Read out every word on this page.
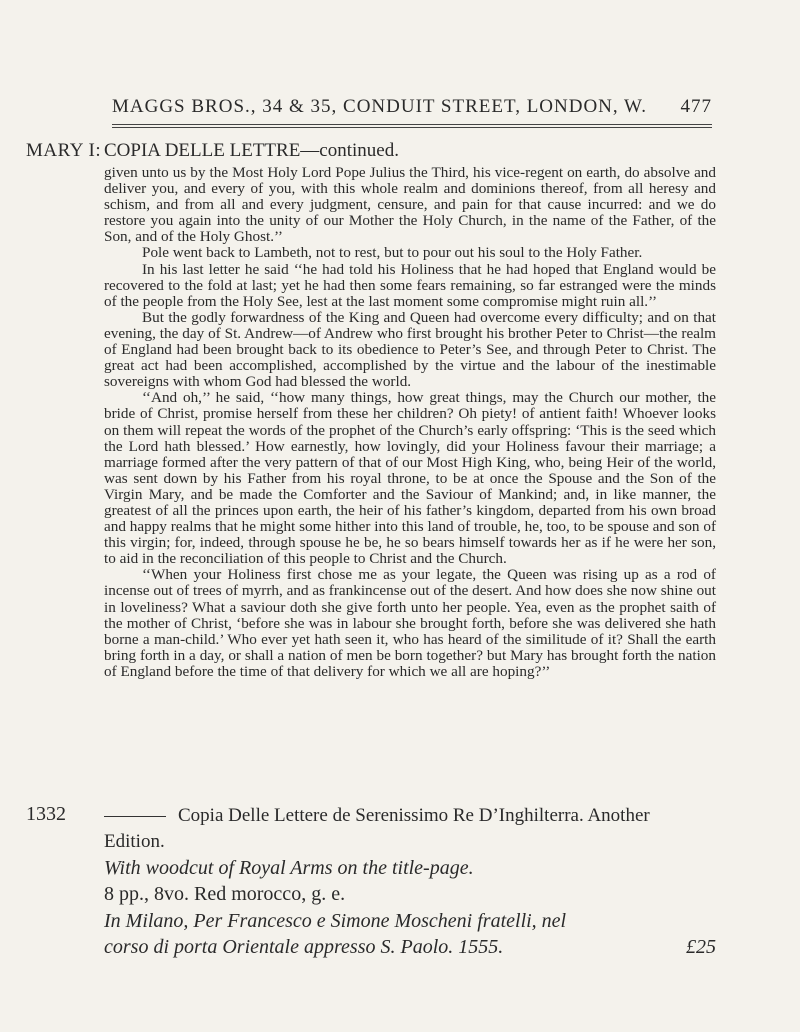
MAGGS BROS., 34 & 35, CONDUIT STREET, LONDON, W. 477
MARY I: COPIA DELLE LETTRE—continued.

given unto us by the Most Holy Lord Pope Julius the Third, his vice-regent on earth, do absolve and deliver you, and every of you, with this whole realm and dominions thereof, from all heresy and schism, and from all and every judgment, censure, and pain for that cause incurred: and we do restore you again into the unity of our Mother the Holy Church, in the name of the Father, of the Son, and of the Holy Ghost.’’

Pole went back to Lambeth, not to rest, but to pour out his soul to the Holy Father.

In his last letter he said ‘‘he had told his Holiness that he had hoped that England would be recovered to the fold at last; yet he had then some fears remaining, so far estranged were the minds of the people from the Holy See, lest at the last moment some compromise might ruin all.’’

But the godly forwardness of the King and Queen had overcome every difficulty; and on that evening, the day of St. Andrew—of Andrew who first brought his brother Peter to Christ—the realm of England had been brought back to its obedience to Peter’s See, and through Peter to Christ. The great act had been accomplished, accomplished by the virtue and the labour of the inestimable sovereigns with whom God had blessed the world.

‘‘And oh,’’ he said, ‘‘how many things, how great things, may the Church our mother, the bride of Christ, promise herself from these her children? Oh piety! of antient faith! Whoever looks on them will repeat the words of the prophet of the Church’s early offspring: ‘This is the seed which the Lord hath blessed.’ How earnestly, how lovingly, did your Holiness favour their marriage; a marriage formed after the very pattern of that of our Most High King, who, being Heir of the world, was sent down by his Father from his royal throne, to be at once the Spouse and the Son of the Virgin Mary, and be made the Comforter and the Saviour of Mankind; and, in like manner, the greatest of all the princes upon earth, the heir of his father’s kingdom, departed from his own broad and happy realms that he might some hither into this land of trouble, he, too, to be spouse and son of this virgin; for, indeed, through spouse he be, he so bears himself towards her as if he were her son, to aid in the reconciliation of this people to Christ and the Church.

‘‘When your Holiness first chose me as your legate, the Queen was rising up as a rod of incense out of trees of myrrh, and as frankincense out of the desert. And how does she now shine out in loveliness? What a saviour doth she give forth unto her people. Yea, even as the prophet saith of the mother of Christ, ‘before she was in labour she brought forth, before she was delivered she hath borne a man-child.’ Who ever yet hath seen it, who has heard of the similitude of it? Shall the earth bring forth in a day, or shall a nation of men be born together? but Mary has brought forth the nation of England before the time of that delivery for which we all are hoping?’’

1332	Copia Delle Lettere de Serenissimo Re D’Inghilterra. Another Edition.
With woodcut of Royal Arms on the title-page.
8 pp., 8vo. Red morocco, g. e.
In Milano, Per Francesco e Simone Moscheni fratelli, nel
corso di porta Orientale appresso S. Paolo. 1555.	£25
